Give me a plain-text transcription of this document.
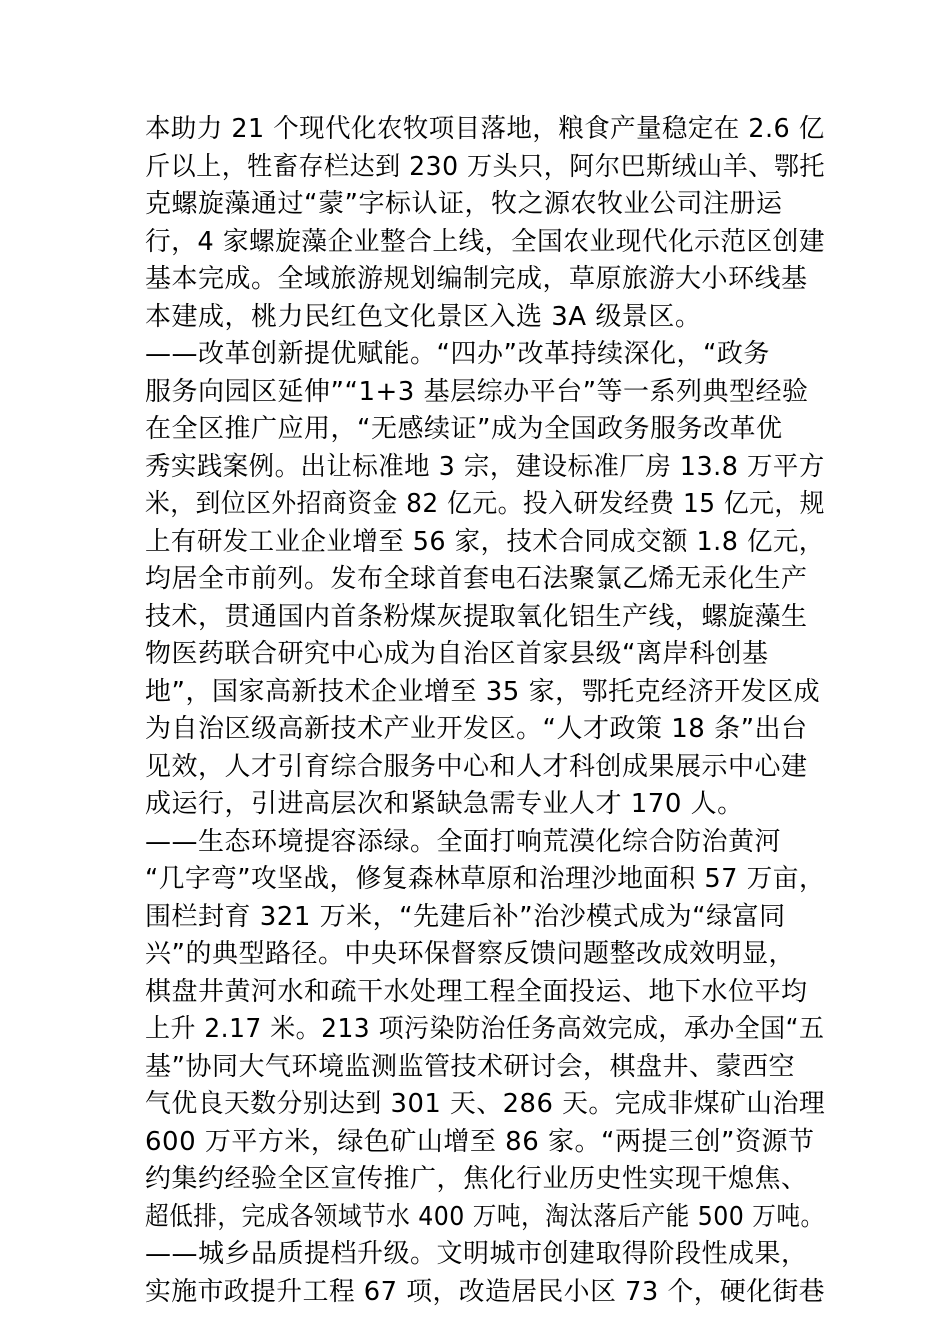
本助力 21 个现代化农牧项目落地，粮食产量稳定在 2.6 亿
斤以上，牲畜存栏达到 230 万头只，阿尔巴斯绒山羊、鄂托
克螺旋藻通过“蒙”字标认证，牧之源农牧业公司注册运
行，4 家螺旋藻企业整合上线，全国农业现代化示范区创建
基本完成。全域旅游规划编制完成，草原旅游大小环线基
本建成，桃力民红色文化景区入选 3A 级景区。
——改革创新提优赋能。“四办”改革持续深化，“政务
服务向园区延伸”“1+3 基层综办平台”等一系列典型经验
在全区推广应用，“无感续证”成为全国政务服务改革优
秀实践案例。出让标准地 3 宗，建设标准厂房 13.8 万平方
米，到位区外招商资金 82 亿元。投入研发经费 15 亿元，规
上有研发工业企业增至 56 家，技术合同成交额 1.8 亿元，
均居全市前列。发布全球首套电石法聚氯乙烯无汞化生产
技术，贯通国内首条粉煤灰提取氧化铝生产线，螺旋藻生
物医药联合研究中心成为自治区首家县级“离岸科创基
地”，国家高新技术企业增至 35 家，鄂托克经济开发区成
为自治区级高新技术产业开发区。“人才政策 18 条”出台
见效，人才引育综合服务中心和人才科创成果展示中心建
成运行，引进高层次和紧缺急需专业人才 170 人。
——生态环境提容添绿。全面打响荒漠化综合防治黄河
“几字弯”攻坚战，修复森林草原和治理沙地面积 57 万亩，
围栏封育 321 万米，“先建后补”治沙模式成为“绿富同
兴”的典型路径。中央环保督察反馈问题整改成效明显，
棋盘井黄河水和疏干水处理工程全面投运、地下水位平均
上升 2.17 米。213 项污染防治任务高效完成，承办全国“五
基”协同大气环境监测监管技术研讨会，棋盘井、蒙西空
气优良天数分别达到 301 天、286 天。完成非煤矿山治理
600 万平方米，绿色矿山增至 86 家。“两提三创”资源节
约集约经验全区宣传推广，焦化行业历史性实现干熄焦、
超低排，完成各领域节水 400 万吨，淘汰落后产能 500 万吨。
——城乡品质提档升级。文明城市创建取得阶段性成果，
实施市政提升工程 67 项，改造居民小区 73 个，硬化街巷
